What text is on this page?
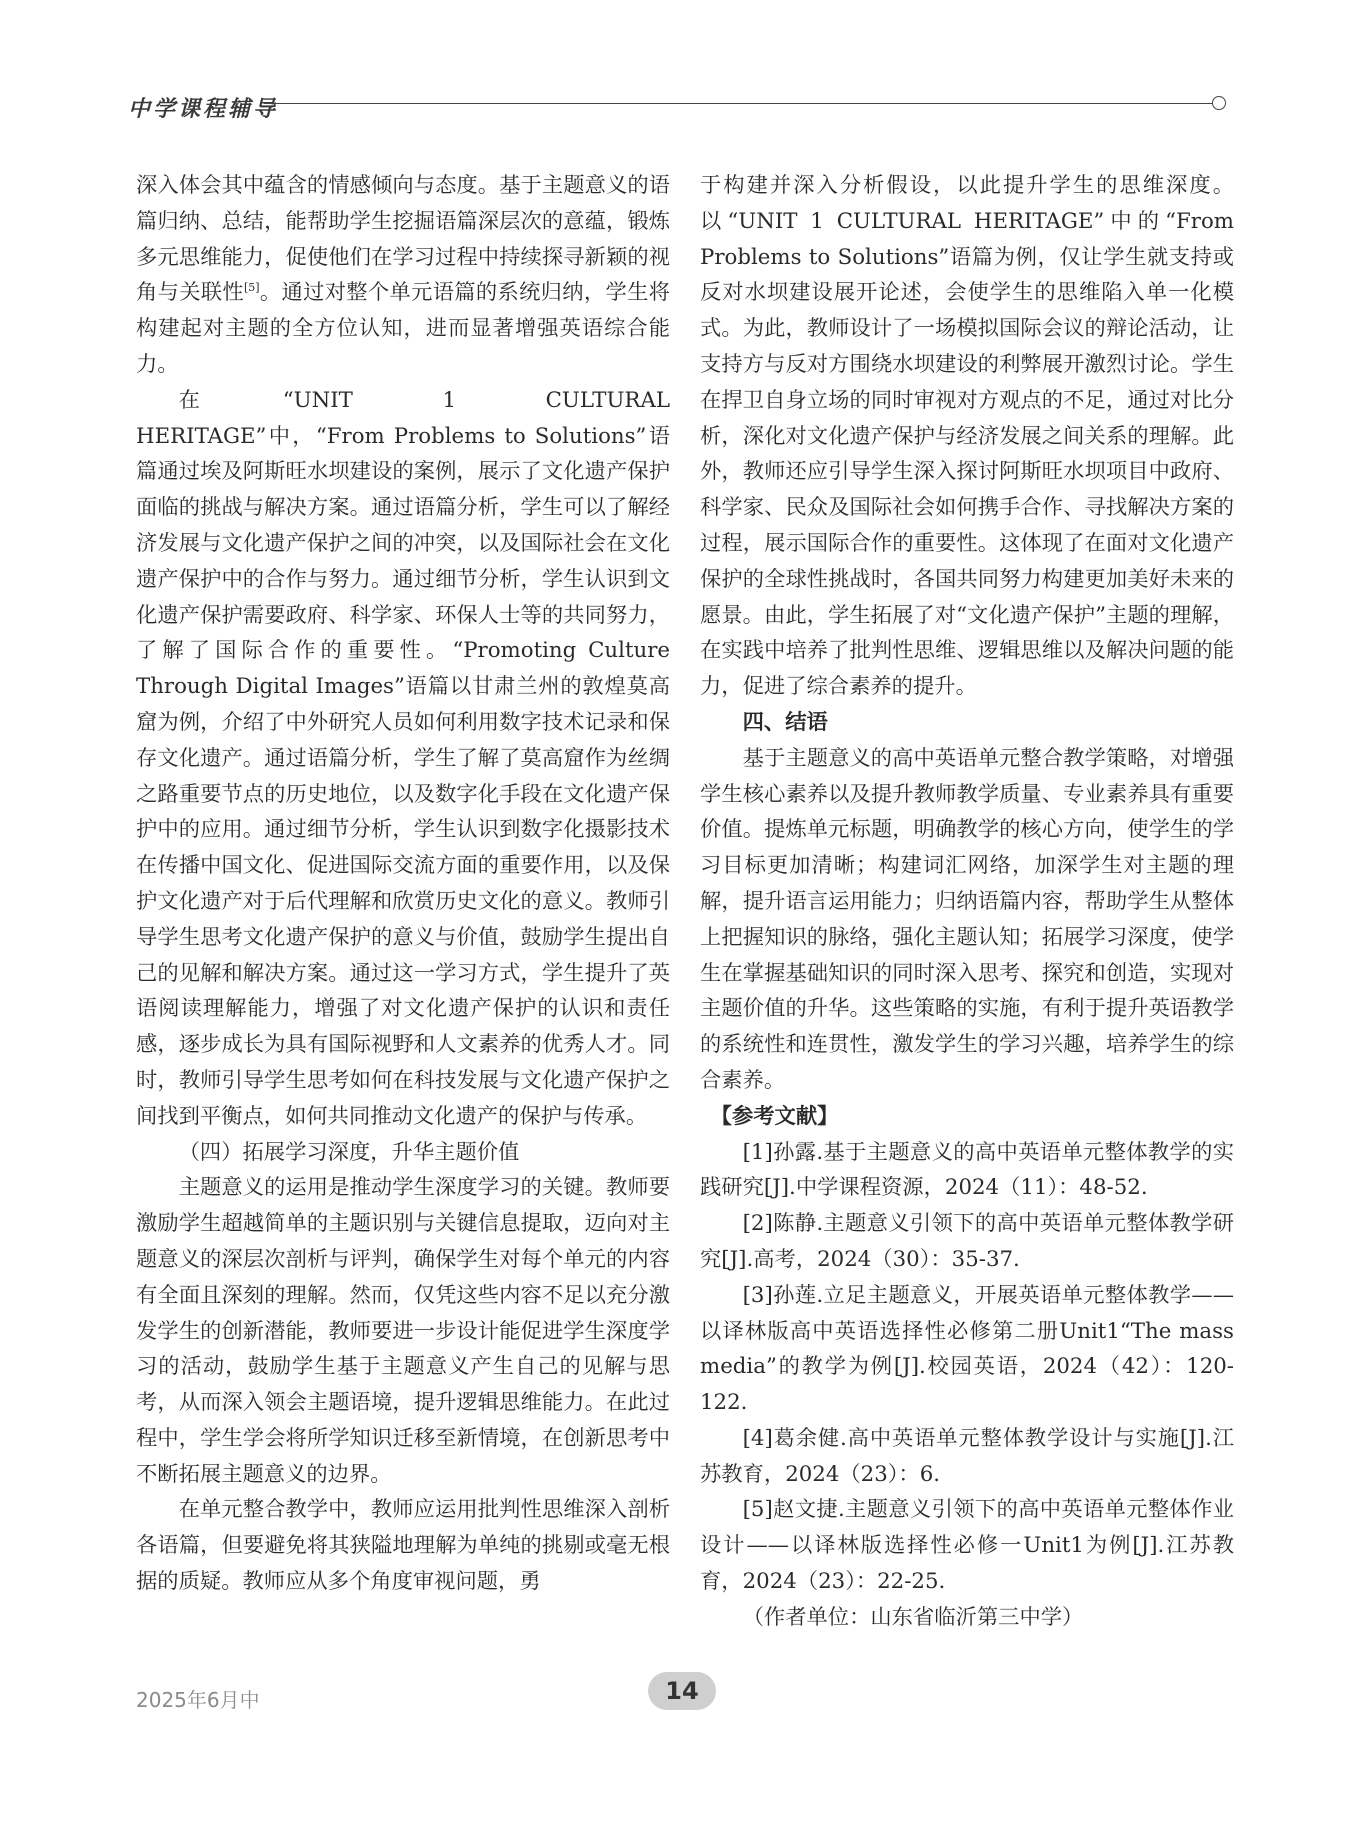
中学课程辅导

深入体会其中蕴含的情感倾向与态度。基于主题意义的语篇归纳、总结，能帮助学生挖掘语篇深层次的意蕴，锻炼多元思维能力，促使他们在学习过程中持续探寻新颖的视角与关联性[5]。通过对整个单元语篇的系统归纳，学生将构建起对主题的全方位认知，进而显著增强英语综合能力。

在“UNIT 1 CULTURAL HERITAGE”中，“From Problems to Solutions”语篇通过埃及阿斯旺水坝建设的案例，展示了文化遗产保护面临的挑战与解决方案。通过语篇分析，学生可以了解经济发展与文化遗产保护之间的冲突，以及国际社会在文化遗产保护中的合作与努力。通过细节分析，学生认识到文化遗产保护需要政府、科学家、环保人士等的共同努力，了解了国际合作的重要性。“Promoting Culture Through Digital Images”语篇以甘肃兰州的敦煌莫高窟为例，介绍了中外研究人员如何利用数字技术记录和保存文化遗产。通过语篇分析，学生了解了莫高窟作为丝绸之路重要节点的历史地位，以及数字化手段在文化遗产保护中的应用。通过细节分析，学生认识到数字化摄影技术在传播中国文化、促进国际交流方面的重要作用，以及保护文化遗产对于后代理解和欣赏历史文化的意义。教师引导学生思考文化遗产保护的意义与价值，鼓励学生提出自己的见解和解决方案。通过这一学习方式，学生提升了英语阅读理解能力，增强了对文化遗产保护的认识和责任感，逐步成长为具有国际视野和人文素养的优秀人才。同时，教师引导学生思考如何在科技发展与文化遗产保护之间找到平衡点，如何共同推动文化遗产的保护与传承。

（四）拓展学习深度，升华主题价值

主题意义的运用是推动学生深度学习的关键。教师要激励学生超越简单的主题识别与关键信息提取，迈向对主题意义的深层次剖析与评判，确保学生对每个单元的内容有全面且深刻的理解。然而，仅凭这些内容不足以充分激发学生的创新潜能，教师要进一步设计能促进学生深度学习的活动，鼓励学生基于主题意义产生自己的见解与思考，从而深入领会主题语境，提升逻辑思维能力。在此过程中，学生学会将所学知识迁移至新情境，在创新思考中不断拓展主题意义的边界。

在单元整合教学中，教师应运用批判性思维深入剖析各语篇，但要避免将其狭隘地理解为单纯的挑剔或毫无根据的质疑。教师应从多个角度审视问题，勇

于构建并深入分析假设，以此提升学生的思维深度。以“UNIT 1 CULTURAL HERITAGE”中的“From Problems to Solutions”语篇为例，仅让学生就支持或反对水坝建设展开论述，会使学生的思维陷入单一化模式。为此，教师设计了一场模拟国际会议的辩论活动，让支持方与反对方围绕水坝建设的利弊展开激烈讨论。学生在捍卫自身立场的同时审视对方观点的不足，通过对比分析，深化对文化遗产保护与经济发展之间关系的理解。此外，教师还应引导学生深入探讨阿斯旺水坝项目中政府、科学家、民众及国际社会如何携手合作、寻找解决方案的过程，展示国际合作的重要性。这体现了在面对文化遗产保护的全球性挑战时，各国共同努力构建更加美好未来的愿景。由此，学生拓展了对“文化遗产保护”主题的理解，在实践中培养了批判性思维、逻辑思维以及解决问题的能力，促进了综合素养的提升。

四、结语

基于主题意义的高中英语单元整合教学策略，对增强学生核心素养以及提升教师教学质量、专业素养具有重要价值。提炼单元标题，明确教学的核心方向，使学生的学习目标更加清晰；构建词汇网络，加深学生对主题的理解，提升语言运用能力；归纳语篇内容，帮助学生从整体上把握知识的脉络，强化主题认知；拓展学习深度，使学生在掌握基础知识的同时深入思考、探究和创造，实现对主题价值的升华。这些策略的实施，有利于提升英语教学的系统性和连贯性，激发学生的学习兴趣，培养学生的综合素养。

【参考文献】

[1]孙露.基于主题意义的高中英语单元整体教学的实践研究[J].中学课程资源，2024（11）：48-52.

[2]陈静.主题意义引领下的高中英语单元整体教学研究[J].高考，2024（30）：35-37.

[3]孙莲.立足主题意义，开展英语单元整体教学——以译林版高中英语选择性必修第二册Unit1“The mass media”的教学为例[J].校园英语，2024（42）：120-122.

[4]葛余健.高中英语单元整体教学设计与实施[J].江苏教育，2024（23）：6.

[5]赵文捷.主题意义引领下的高中英语单元整体作业设计——以译林版选择性必修一Unit1为例[J].江苏教育，2024（23）：22-25.

（作者单位：山东省临沂第三中学）

2025年6月中	14
